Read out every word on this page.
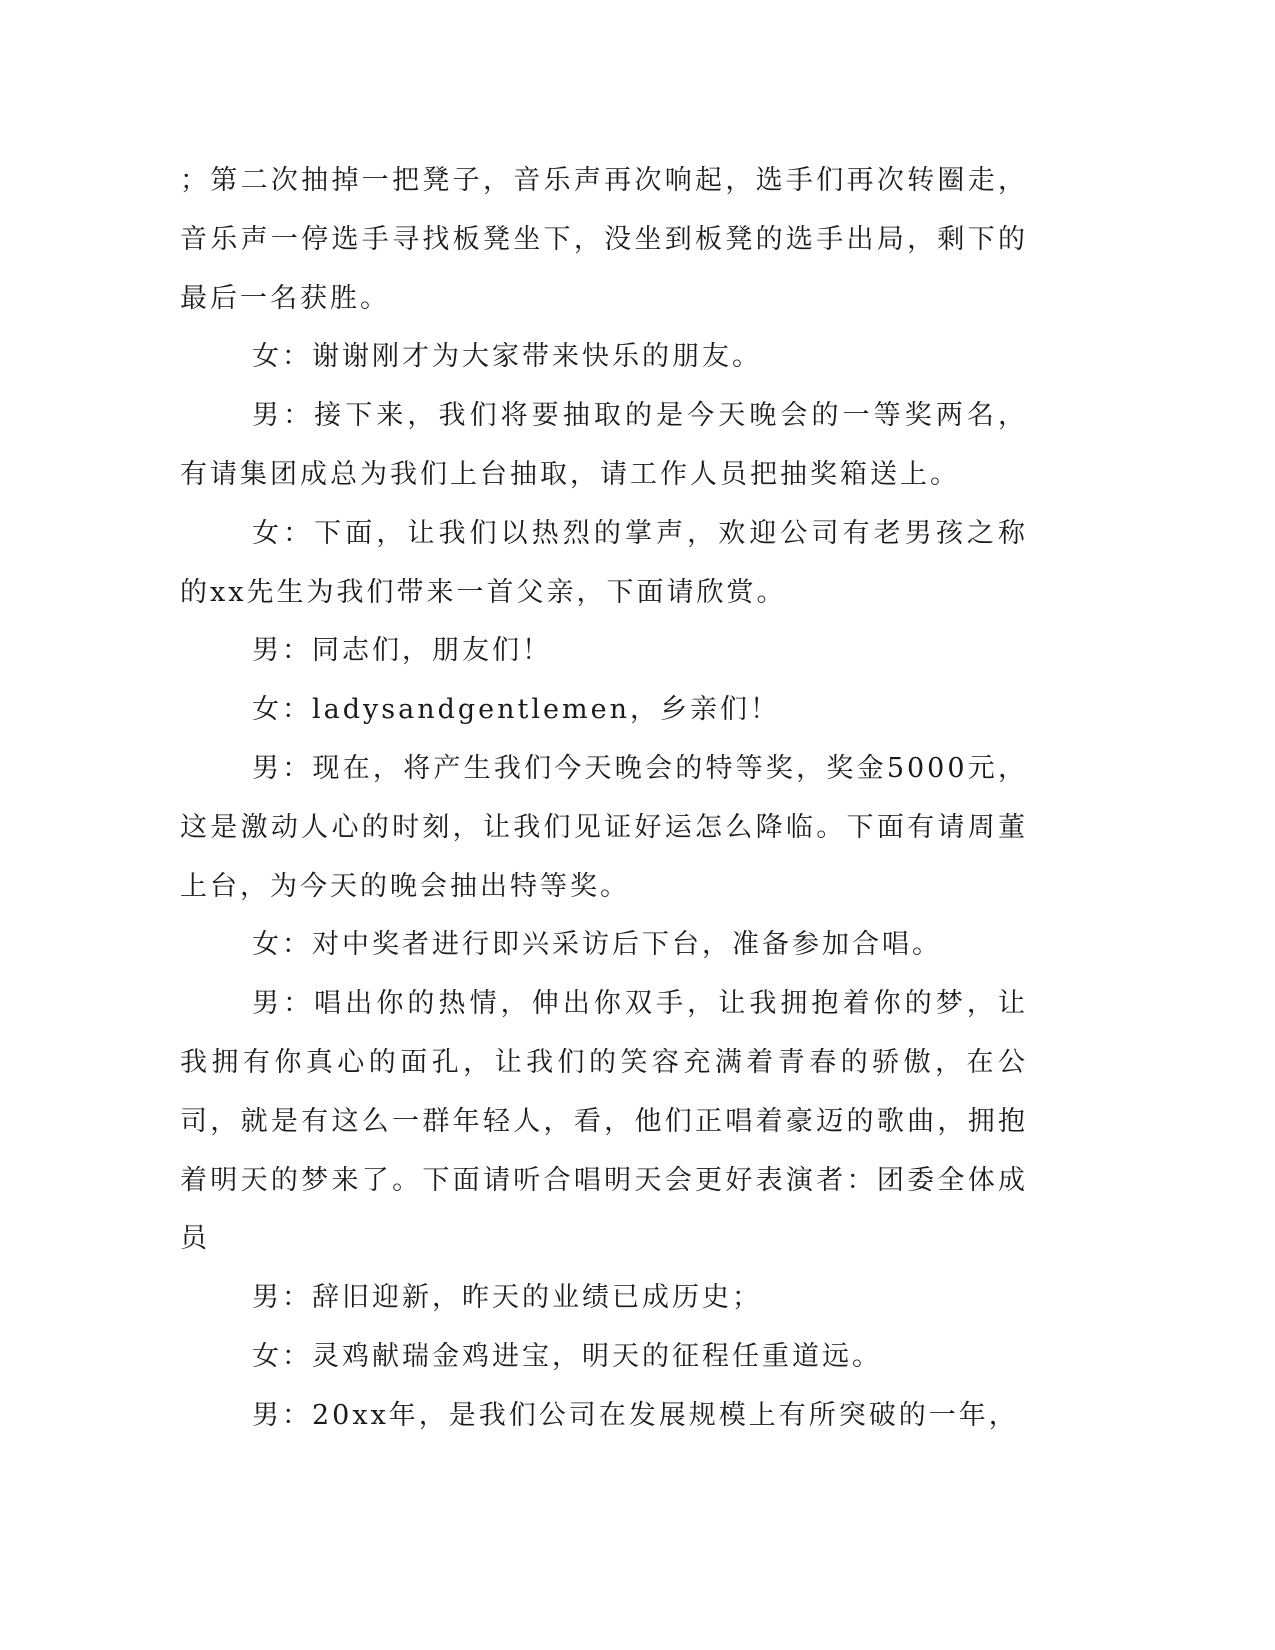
；第二次抽掉一把凳子，音乐声再次响起，选手们再次转圈走，音乐声一停选手寻找板凳坐下，没坐到板凳的选手出局，剩下的最后一名获胜。

女：谢谢刚才为大家带来快乐的朋友。

男：接下来，我们将要抽取的是今天晚会的一等奖两名，有请集团成总为我们上台抽取，请工作人员把抽奖箱送上。

女：下面，让我们以热烈的掌声，欢迎公司有老男孩之称的xx先生为我们带来一首父亲，下面请欣赏。

男：同志们，朋友们！

女：ladysandgentlemen，乡亲们！

男：现在，将产生我们今天晚会的特等奖，奖金5000元，这是激动人心的时刻，让我们见证好运怎么降临。下面有请周董上台，为今天的晚会抽出特等奖。

女：对中奖者进行即兴采访后下台，准备参加合唱。

男：唱出你的热情，伸出你双手，让我拥抱着你的梦，让我拥有你真心的面孔，让我们的笑容充满着青春的骄傲，在公司，就是有这么一群年轻人，看，他们正唱着豪迈的歌曲，拥抱着明天的梦来了。下面请听合唱明天会更好表演者：团委全体成员

男：辞旧迎新，昨天的业绩已成历史；

女：灵鸡献瑞金鸡进宝，明天的征程任重道远。

男：20xx年，是我们公司在发展规模上有所突破的一年，
